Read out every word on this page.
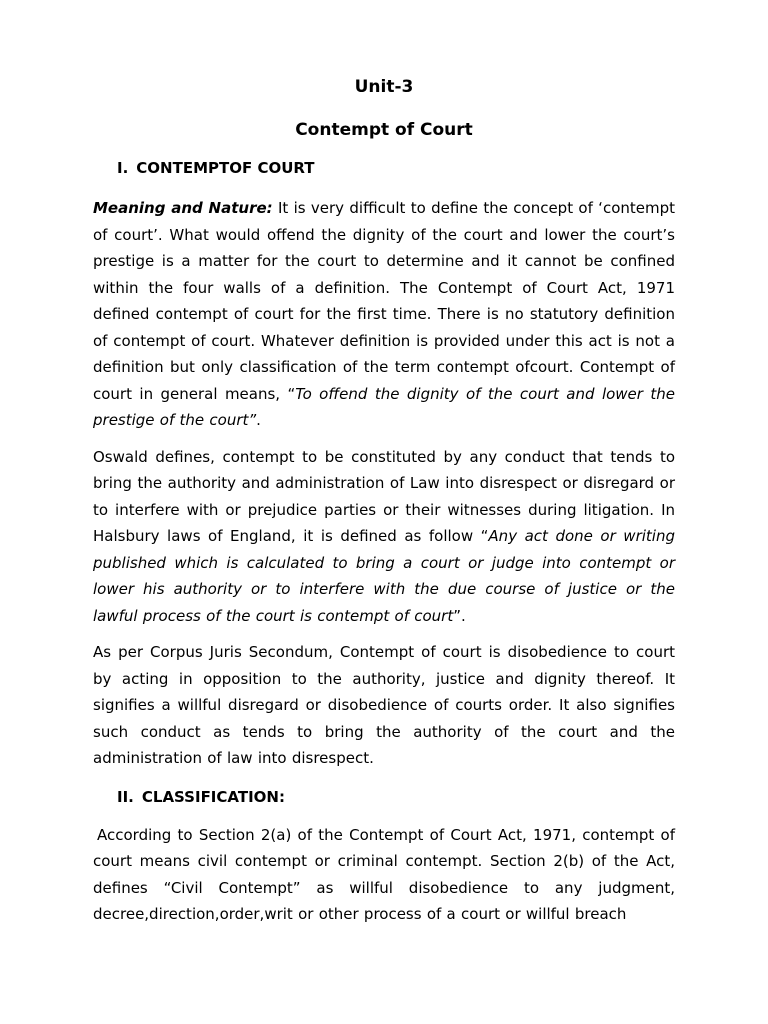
Unit-3
Contempt of Court
I. CONTEMPTOF COURT

Meaning and Nature: It is very difficult to define the concept of ‘contempt of court’. What would offend the dignity of the court and lower the court’s prestige is a matter for the court to determine and it cannot be confined within the four walls of a definition. The Contempt of Court Act, 1971 defined contempt of court for the first time. There is no statutory definition of contempt of court. Whatever definition is provided under this act is not a definition but only classification of the term contempt ofcourt. Contempt of court in general means, “To offend the dignity of the court and lower the prestige of the court”.

Oswald defines, contempt to be constituted by any conduct that tends to bring the authority and administration of Law into disrespect or disregard or to interfere with or prejudice parties or their witnesses during litigation. In Halsbury laws of England, it is defined as follow “Any act done or writing published which is calculated to bring a court or judge into contempt or lower his authority or to interfere with the due course of justice or the lawful process of the court is contempt of court”.

As per Corpus Juris Secondum, Contempt of court is disobedience to court by acting in opposition to the authority, justice and dignity thereof. It signifies a willful disregard or disobedience of courts order. It also signifies such conduct as tends to bring the authority of the court and the administration of law into disrespect.

II. CLASSIFICATION:

According to Section 2(a) of the Contempt of Court Act, 1971, contempt of court means civil contempt or criminal contempt. Section 2(b) of the Act, defines “Civil Contempt” as willful disobedience to any judgment, decree,direction,order,writ or other process of a court or willful breach
